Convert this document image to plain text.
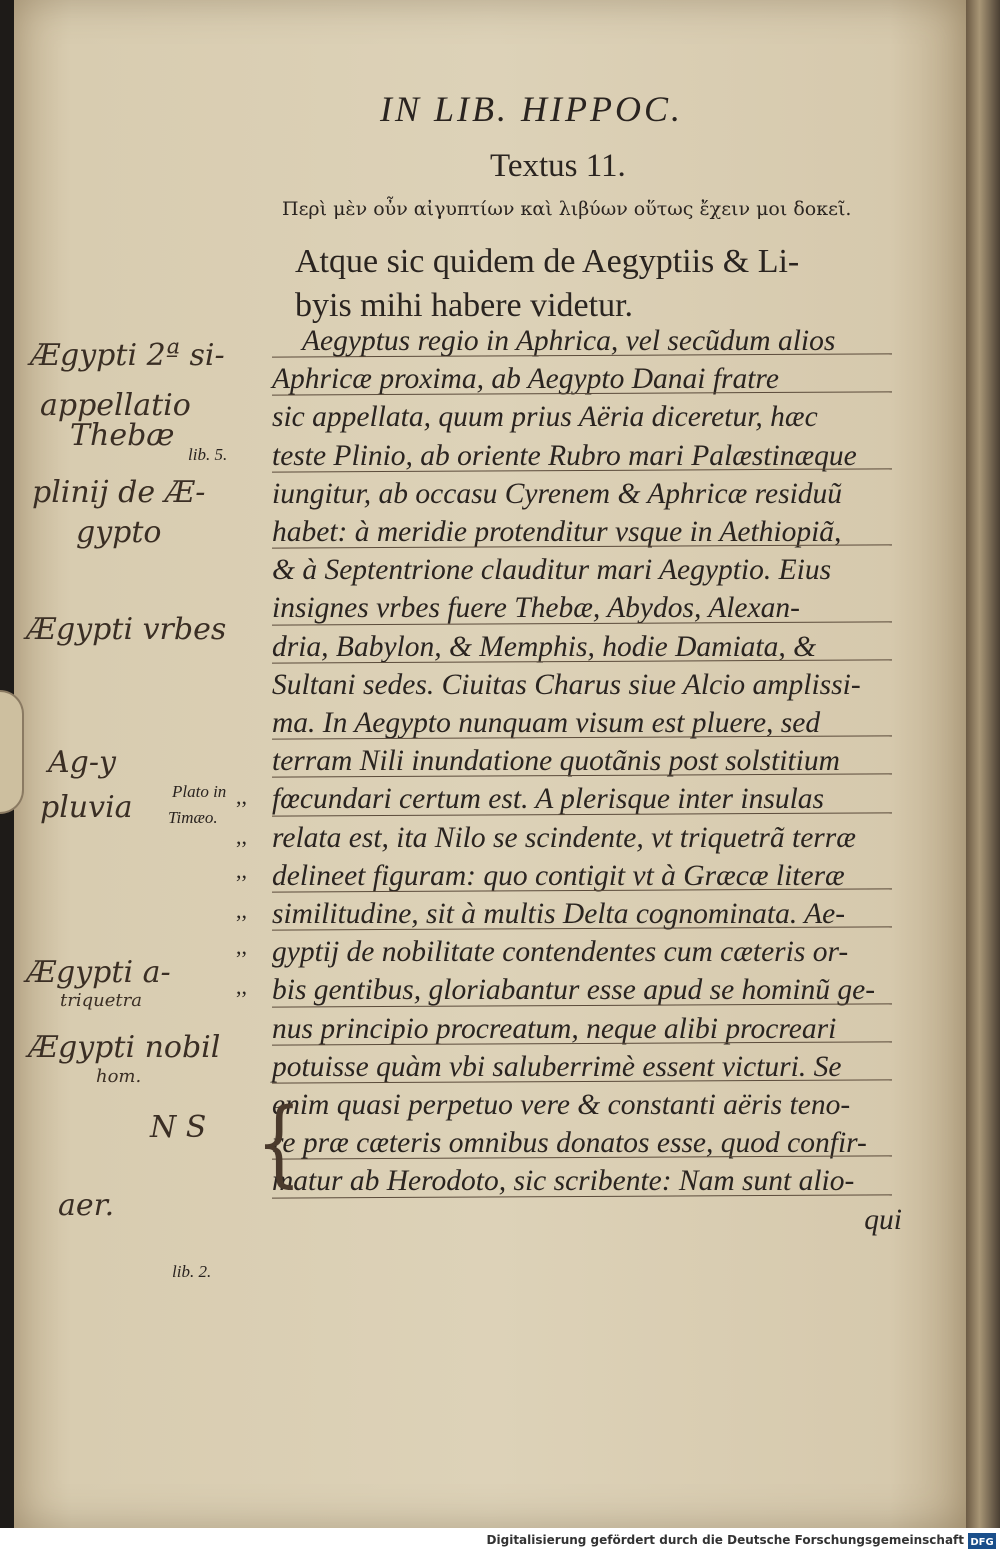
IN LIB. HIPPOC.
Textus 11.
Περὶ μὲν οὖν αἰγυπτίων καὶ λιβύων οὕτως ἔχειν μοι δοκεῖ.
Atque sic quidem de Aegyptiis & Li-
byis mihi habere videtur.
Aegyptus regio in Aphrica, vel secũdum alios
Aphricæ proxima, ab Aegypto Danai fratre
sic appellata, quum prius Aëria diceretur, hæc
teste Plinio, ab oriente Rubro mari Palæstinæque
iungitur, ab occasu Cyrenem & Aphricæ residuũ
habet: à meridie protenditur vsque in Aethiopiã,
& à Septentrione clauditur mari Aegyptio. Eius
insignes vrbes fuere Thebæ, Abydos, Alexan-
dria, Babylon, & Memphis, hodie Damiata, &
Sultani sedes. Ciuitas Charus siue Alcio amplissi-
ma. In Aegypto nunquam visum est pluere, sed
terram Nili inundatione quotãnis post solstitium
fœcundari certum est. A plerisque inter insulas
relata est, ita Nilo se scindente, vt triquetrã terræ
delineet figuram: quo contigit vt à Græcæ literæ
similitudine, sit à multis Delta cognominata. Ae-
gyptij de nobilitate contendentes cum cæteris or-
bis gentibus, gloriabantur esse apud se hominũ ge-
nus principio procreatum, neque alibi procreari
potuisse quàm vbi saluberrimè essent victuri. Se
enim quasi perpetuo vere & constanti aëris teno-
re præ cæteris omnibus donatos esse, quod confir-
matur ab Herodoto, sic scribente: Nam sunt alio-
qui
lib. 5.
Plato in
Timæo.
lib. 2.
,,
,,
,,
,,
,,
,,
Ægypti 2ª si-
appellatio
Thebæ
plinij de Æ-
gypto
Ægypti vrbes
Ag-y
pluvia
Ægypti a-
triquetra
Ægypti nobil
hom.
N S
aer.
{
Digitalisierung gefördert durch die Deutsche Forschungsgemeinschaft DFG
